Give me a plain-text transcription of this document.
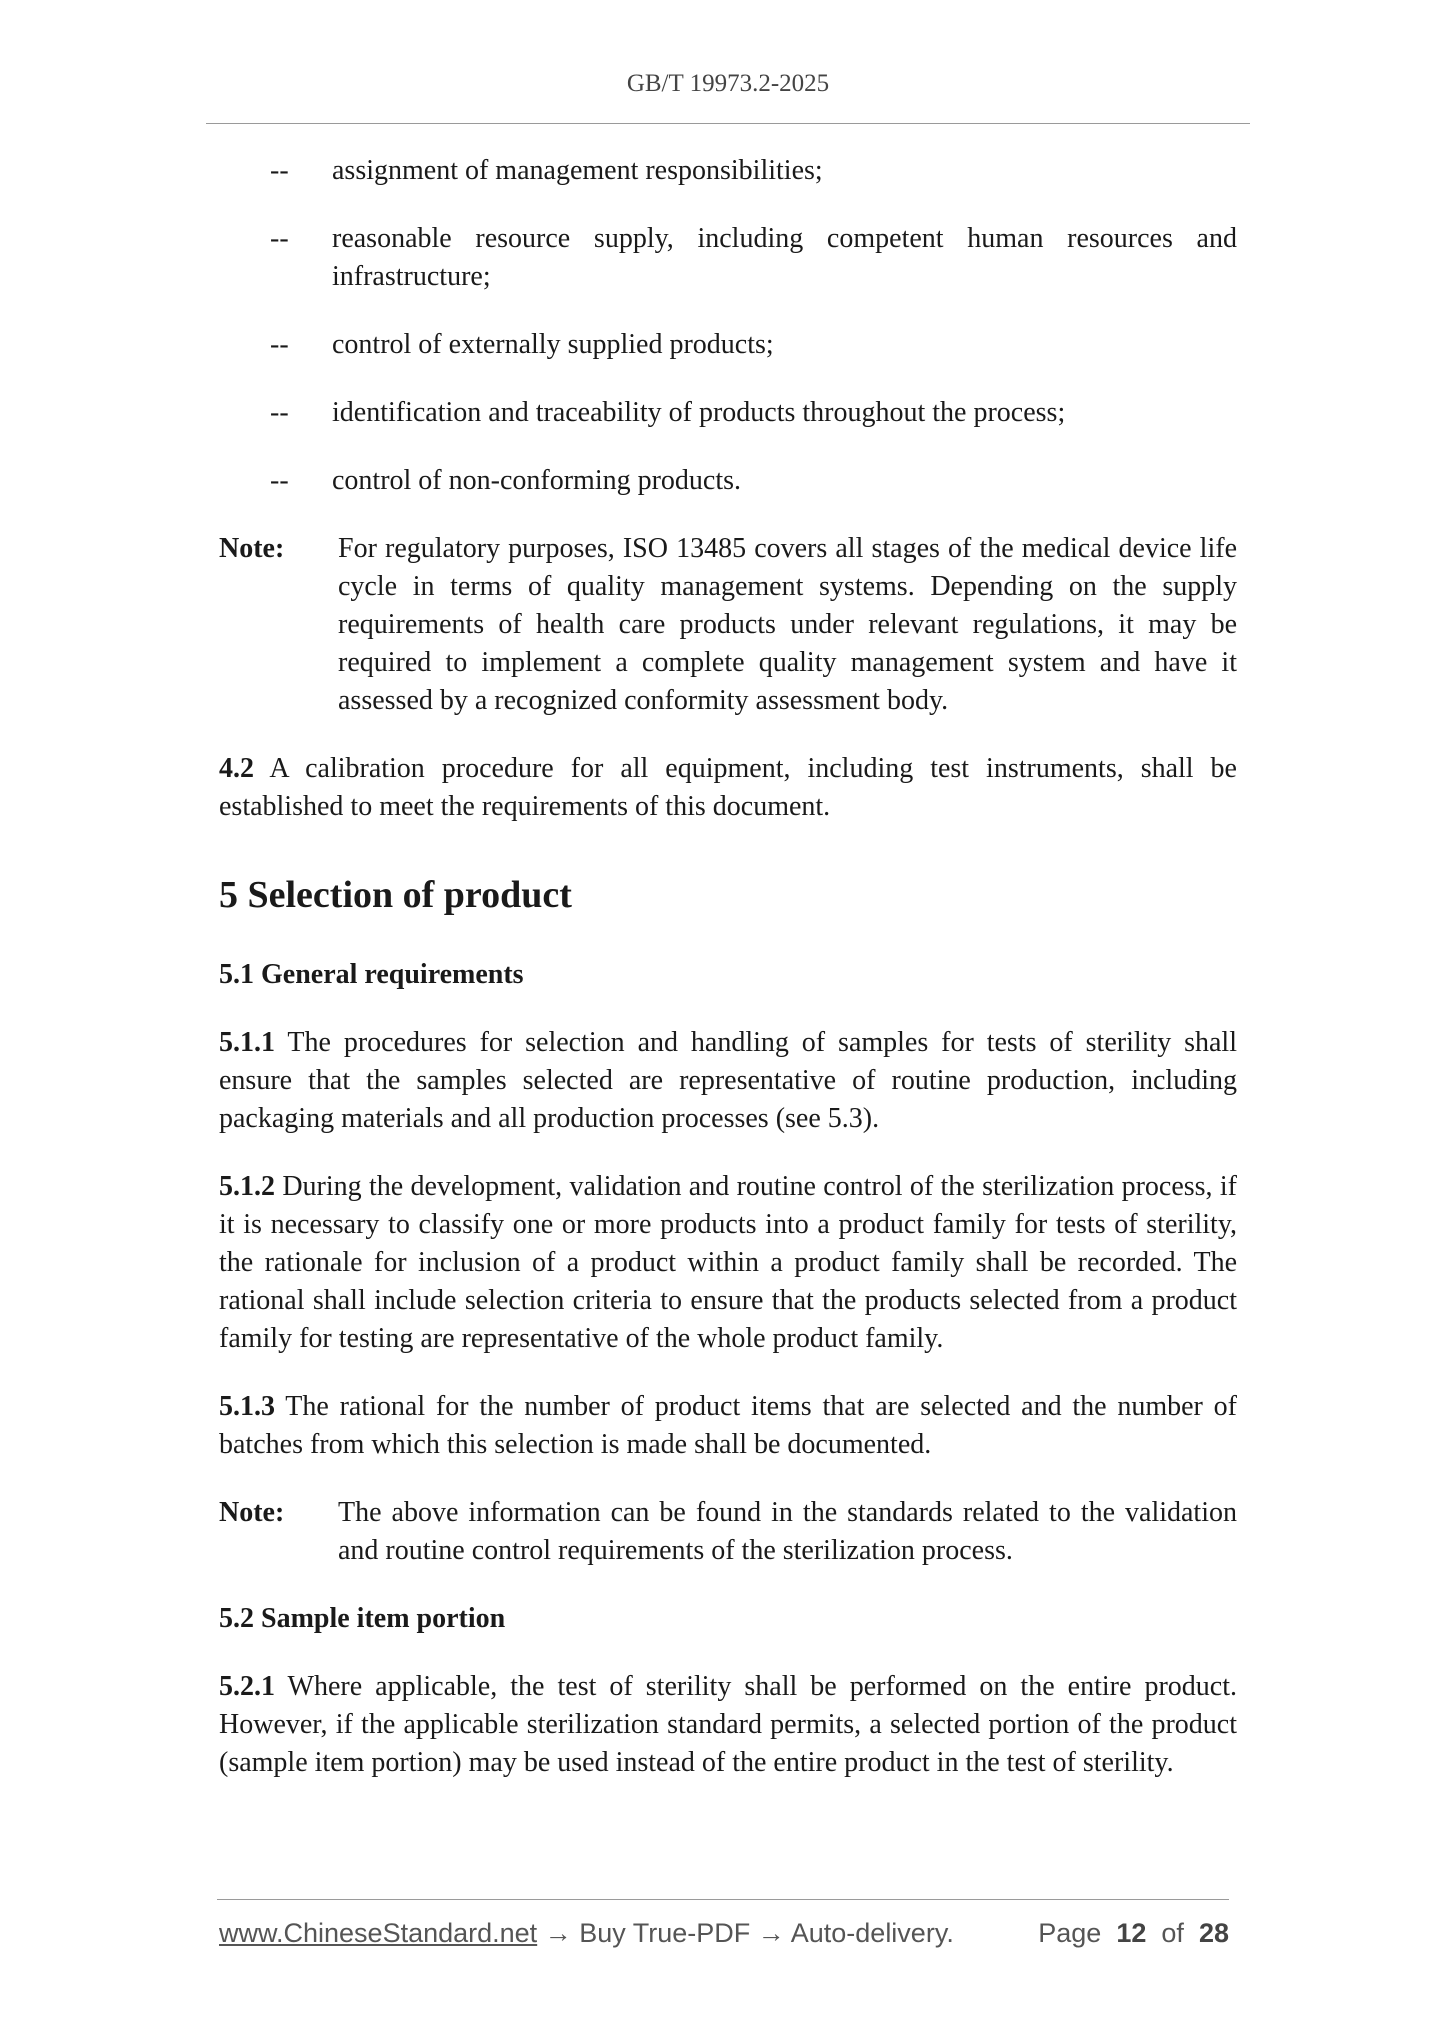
GB/T 19973.2-2025
--	assignment of management responsibilities;
--	reasonable resource supply, including competent human resources and infrastructure;
--	control of externally supplied products;
--	identification and traceability of products throughout the process;
--	control of non-conforming products.
Note:	For regulatory purposes, ISO 13485 covers all stages of the medical device life cycle in terms of quality management systems. Depending on the supply requirements of health care products under relevant regulations, it may be required to implement a complete quality management system and have it assessed by a recognized conformity assessment body.

4.2 A calibration procedure for all equipment, including test instruments, shall be established to meet the requirements of this document.

5 Selection of product
5.1 General requirements

5.1.1 The procedures for selection and handling of samples for tests of sterility shall ensure that the samples selected are representative of routine production, including packaging materials and all production processes (see 5.3).

5.1.2 During the development, validation and routine control of the sterilization process, if it is necessary to classify one or more products into a product family for tests of sterility, the rationale for inclusion of a product within a product family shall be recorded. The rational shall include selection criteria to ensure that the products selected from a product family for testing are representative of the whole product family.

5.1.3 The rational for the number of product items that are selected and the number of batches from which this selection is made shall be documented.

Note:	The above information can be found in the standards related to the validation and routine control requirements of the sterilization process.
5.2 Sample item portion

5.2.1 Where applicable, the test of sterility shall be performed on the entire product. However, if the applicable sterilization standard permits, a selected portion of the product (sample item portion) may be used instead of the entire product in the test of sterility.

www.ChineseStandard.net → Buy True-PDF → Auto-delivery.	Page 12 of 28
